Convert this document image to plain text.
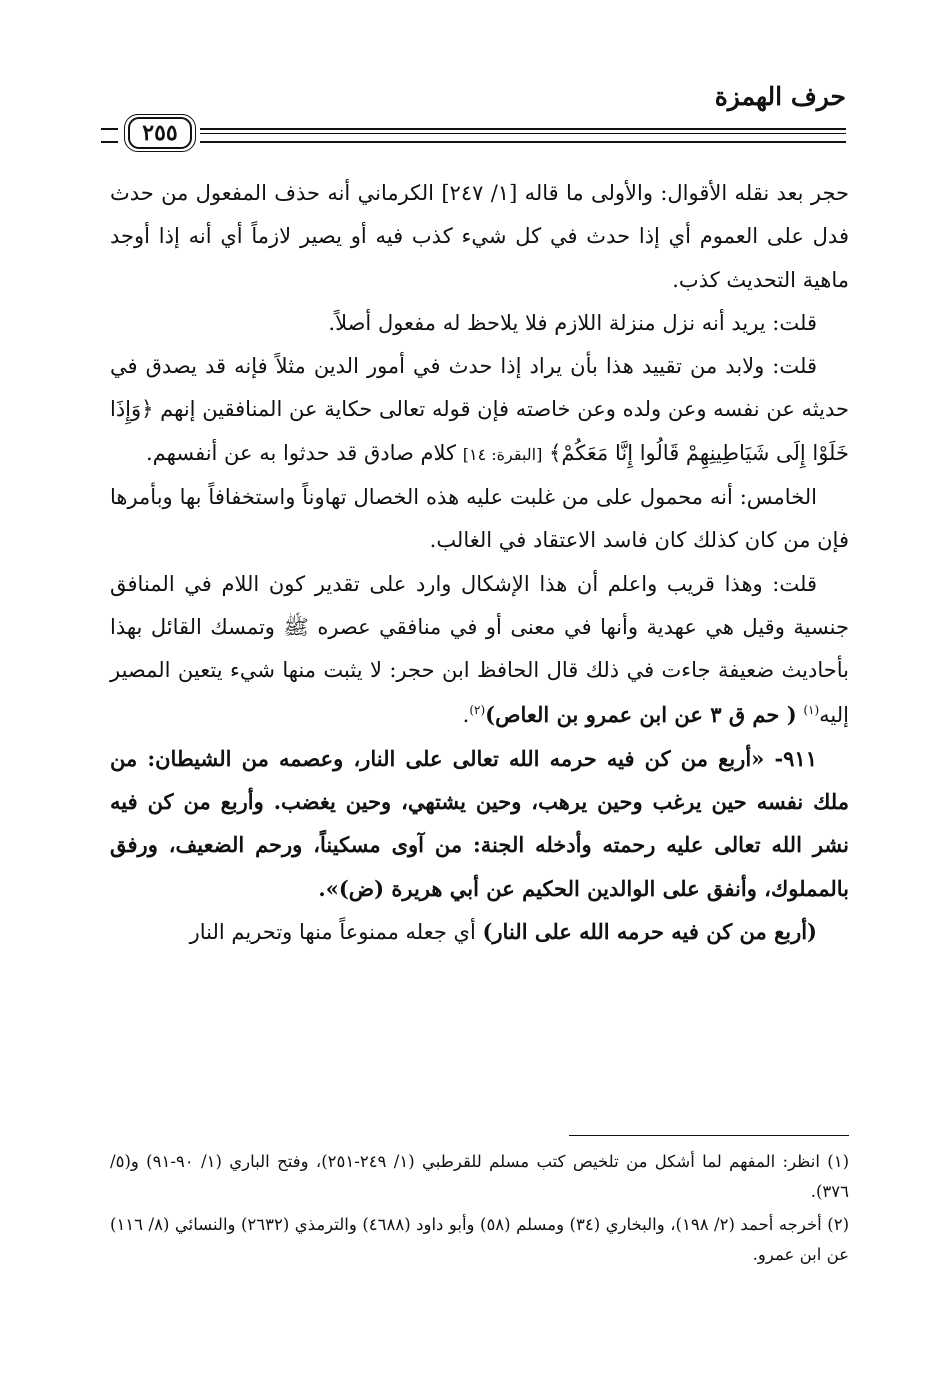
حرف الهمزة
٢٥٥

حجر بعد نقله الأقوال: والأولى ما قاله [١/ ٢٤٧] الكرماني أنه حذف المفعول من حدث فدل على العموم أي إذا حدث في كل شيء كذب فيه أو يصير لازماً أي أنه إذا أوجد ماهية التحديث كذب.

قلت: يريد أنه نزل منزلة اللازم فلا يلاحظ له مفعول أصلاً.

قلت: ولابد من تقييد هذا بأن يراد إذا حدث في أمور الدين مثلاً فإنه قد يصدق في حديثه عن نفسه وعن ولده وعن خاصته فإن قوله تعالى حكاية عن المنافقين إنهم ﴿وَإِذَا خَلَوْا إِلَى شَيَاطِينِهِمْ قَالُوا إِنَّا مَعَكُمْ﴾ [البقرة: ١٤] كلام صادق قد حدثوا به عن أنفسهم.

الخامس: أنه محمول على من غلبت عليه هذه الخصال تهاوناً واستخفافاً بها وبأمرها فإن من كان كذلك كان فاسد الاعتقاد في الغالب.

قلت: وهذا قريب واعلم أن هذا الإشكال وارد على تقدير كون اللام في المنافق جنسية وقيل هي عهدية وأنها في معنى أو في منافقي عصره ﷺ وتمسك القائل بهذا بأحاديث ضعيفة جاءت في ذلك قال الحافظ ابن حجر: لا يثبت منها شيء يتعين المصير إليه$^{(١)}$ ( حم ق ٣ عن ابن عمرو بن العاص)$^{(٢)}$.

٩١١- «أربع من كن فيه حرمه الله تعالى على النار، وعصمه من الشيطان: من ملك نفسه حين يرغب وحين يرهب، وحين يشتهي، وحين يغضب. وأربع من كن فيه نشر الله تعالى عليه رحمته وأدخله الجنة: من آوى مسكيناً، ورحم الضعيف، ورفق بالمملوك، وأنفق على الوالدين الحكيم عن أبي هريرة (ض)».

(أربع من كن فيه حرمه الله على النار) أي جعله ممنوعاً منها وتحريم النار

(١) انظر: المفهم لما أشكل من تلخيص كتب مسلم للقرطبي (١/ ٢٤٩-٢٥١)، وفتح الباري (١/ ٩٠-٩١) و(٥/ ٣٧٦).

(٢) أخرجه أحمد (٢/ ١٩٨)، والبخاري (٣٤) ومسلم (٥٨) وأبو داود (٤٦٨٨) والترمذي (٢٦٣٢) والنسائي (٨/ ١١٦) عن ابن عمرو.
